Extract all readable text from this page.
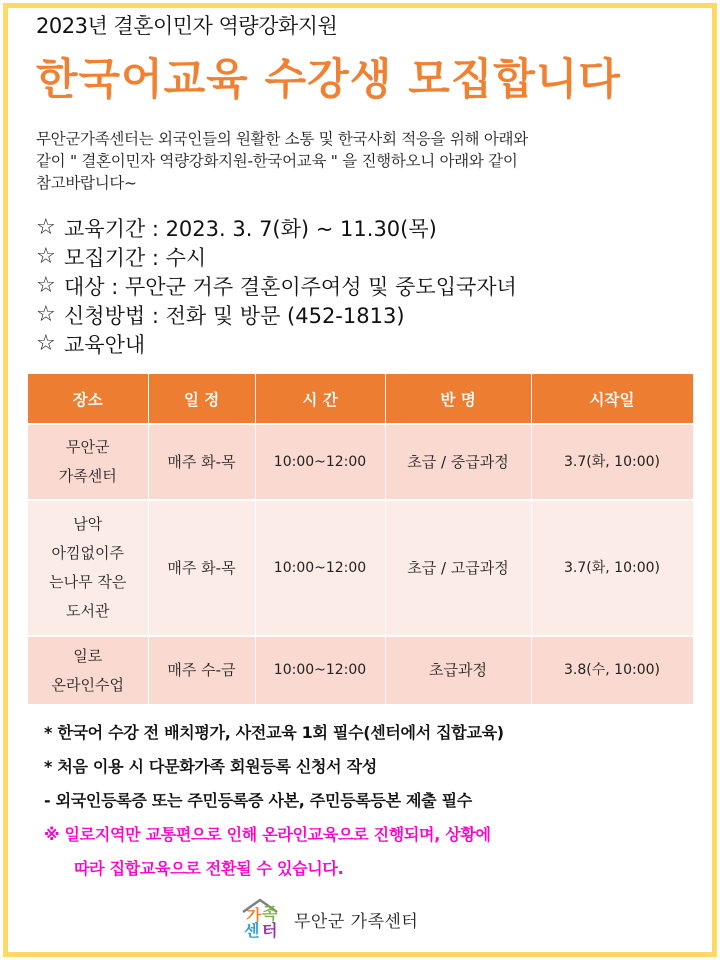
2023년 결혼이민자 역량강화지원
한국어교육 수강생 모집합니다
무안군가족센터는 외국인들의 원활한 소통 및 한국사회 적응을 위해 아래와
같이 " 결혼이민자 역량강화지원-한국어교육 " 을 진행하오니 아래와 같이
참고바랍니다~
☆ 교육기간 : 2023. 3. 7(화) ~ 11.30(목)
☆ 모집기간 : 수시
☆ 대상 : 무안군 거주 결혼이주여성 및 중도입국자녀
☆ 신청방법 : 전화 및 방문 (452-1813)
☆ 교육안내
장소	일 정	시 간	반 명	시작일

무안군
가족센터	매주 화-목	10:00~12:00	초급 / 중급과정	3.7(화, 10:00)

남악
아낌없이주
는나무 작은
도서관	매주 화-목	10:00~12:00	초급 / 고급과정	3.7(화, 10:00)

일로
온라인수업	매주 수-금	10:00~12:00	초급과정	3.8(수, 10:00)
* 한국어 수강 전 배치평가, 사전교육 1회 필수(센터에서 집합교육)
* 처음 이용 시 다문화가족 회원등록 신청서 작성
- 외국인등록증 또는 주민등록증 사본, 주민등록등본 제출 필수
※ 일로지역만 교통편으로 인해 온라인교육으로 진행되며, 상황에
따라 집합교육으로 전환될 수 있습니다.
가 족
센 터 무안군 가족센터
